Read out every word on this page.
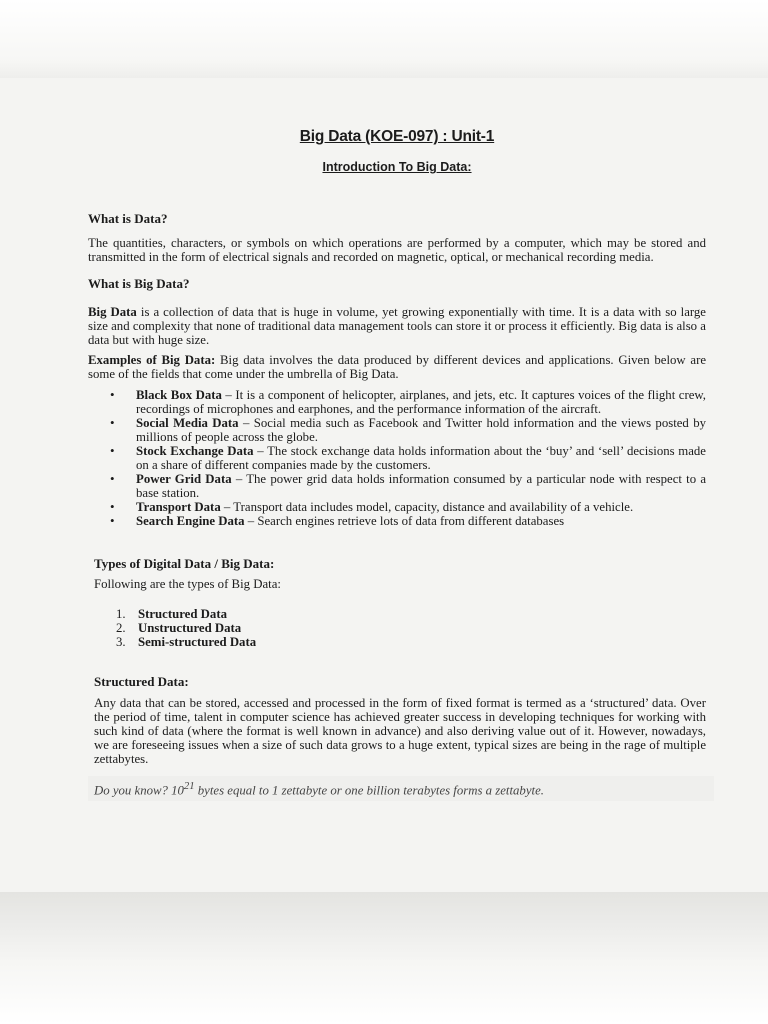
Big Data (KOE-097) : Unit-1
Introduction To Big Data:
What is Data?

The quantities, characters, or symbols on which operations are performed by a computer, which may be stored and transmitted in the form of electrical signals and recorded on magnetic, optical, or mechanical recording media.

What is Big Data?

Big Data is a collection of data that is huge in volume, yet growing exponentially with time. It is a data with so large size and complexity that none of traditional data management tools can store it or process it efficiently. Big data is also a data but with huge size.

Examples of Big Data: Big data involves the data produced by different devices and applications. Given below are some of the fields that come under the umbrella of Big Data.

• Black Box Data – It is a component of helicopter, airplanes, and jets, etc. It captures voices of the flight crew, recordings of microphones and earphones, and the performance information of the aircraft.
• Social Media Data – Social media such as Facebook and Twitter hold information and the views posted by millions of people across the globe.
• Stock Exchange Data – The stock exchange data holds information about the ‘buy’ and ‘sell’ decisions made on a share of different companies made by the customers.
• Power Grid Data – The power grid data holds information consumed by a particular node with respect to a base station.
• Transport Data – Transport data includes model, capacity, distance and availability of a vehicle.
• Search Engine Data – Search engines retrieve lots of data from different databases
Types of Digital Data / Big Data:

Following are the types of Big Data:

1. Structured Data
2. Unstructured Data
3. Semi-structured Data
Structured Data:

Any data that can be stored, accessed and processed in the form of fixed format is termed as a ‘structured’ data. Over the period of time, talent in computer science has achieved greater success in developing techniques for working with such kind of data (where the format is well known in advance) and also deriving value out of it. However, nowadays, we are foreseeing issues when a size of such data grows to a huge extent, typical sizes are being in the rage of multiple zettabytes.

Do you know? $10^{21}$ bytes equal to 1 zettabyte or one billion terabytes forms a zettabyte.
